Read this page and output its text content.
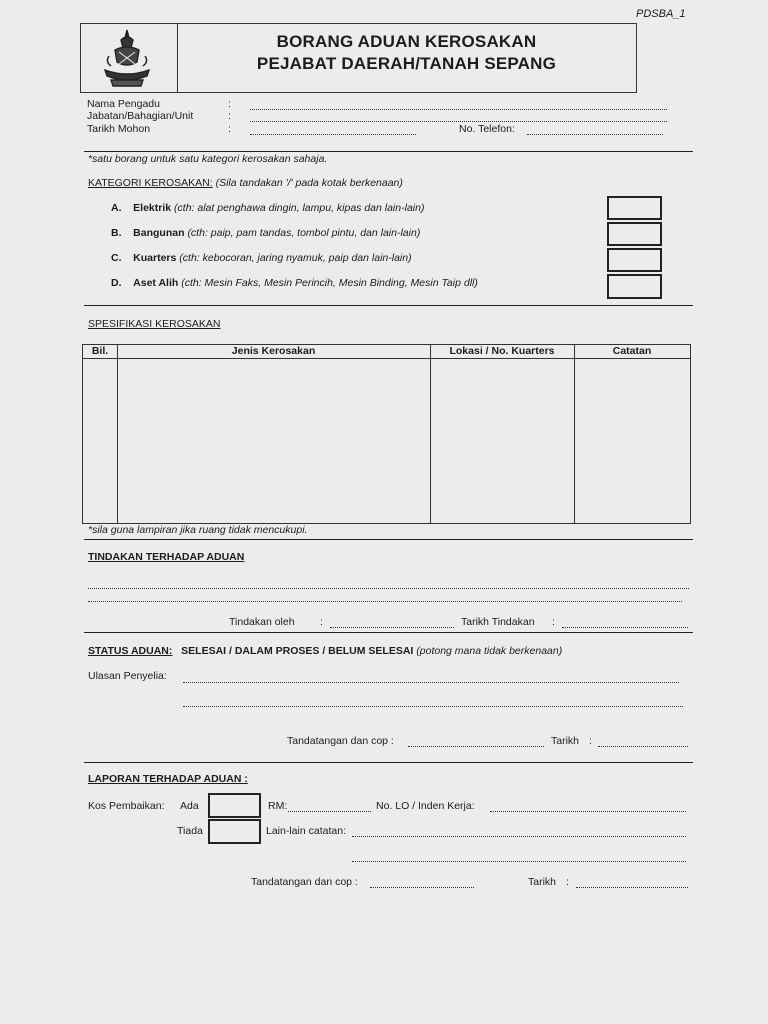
PDSBA_1
BORANG ADUAN KEROSAKAN
PEJABAT DAERAH/TANAH SEPANG
Nama Pengadu	:
Jabatan/Bahagian/Unit	:
Tarikh Mohon	:	No. Telefon:
*satu borang untuk satu kategori kerosakan sahaja.
KATEGORI KEROSAKAN: (Sila tandakan '/' pada kotak berkenaan)
A. Elektrik (cth: alat penghawa dingin, lampu, kipas dan lain-lain)
B. Bangunan (cth: paip, pam tandas, tombol pintu, dan lain-lain)
C. Kuarters (cth: kebocoran, jaring nyamuk, paip dan lain-lain)
D. Aset Alih (cth: Mesin Faks, Mesin Perincih, Mesin Binding, Mesin Taip dll)
SPESIFIKASI KEROSAKAN
Bil.	Jenis Kerosakan	Lokasi / No. Kuarters	Catatan
*sila guna lampiran jika ruang tidak mencukupi.
TINDAKAN TERHADAP ADUAN
Tindakan oleh :	Tarikh Tindakan :
STATUS ADUAN: SELESAI / DALAM PROSES / BELUM SELESAI (potong mana tidak berkenaan)
Ulasan Penyelia:
Tandatangan dan cop :	Tarikh :
LAPORAN TERHADAP ADUAN :
Kos Pembaikan: Ada	RM:	No. LO / Inden Kerja:
Tiada	Lain-lain catatan:
Tandatangan dan cop :	Tarikh :
